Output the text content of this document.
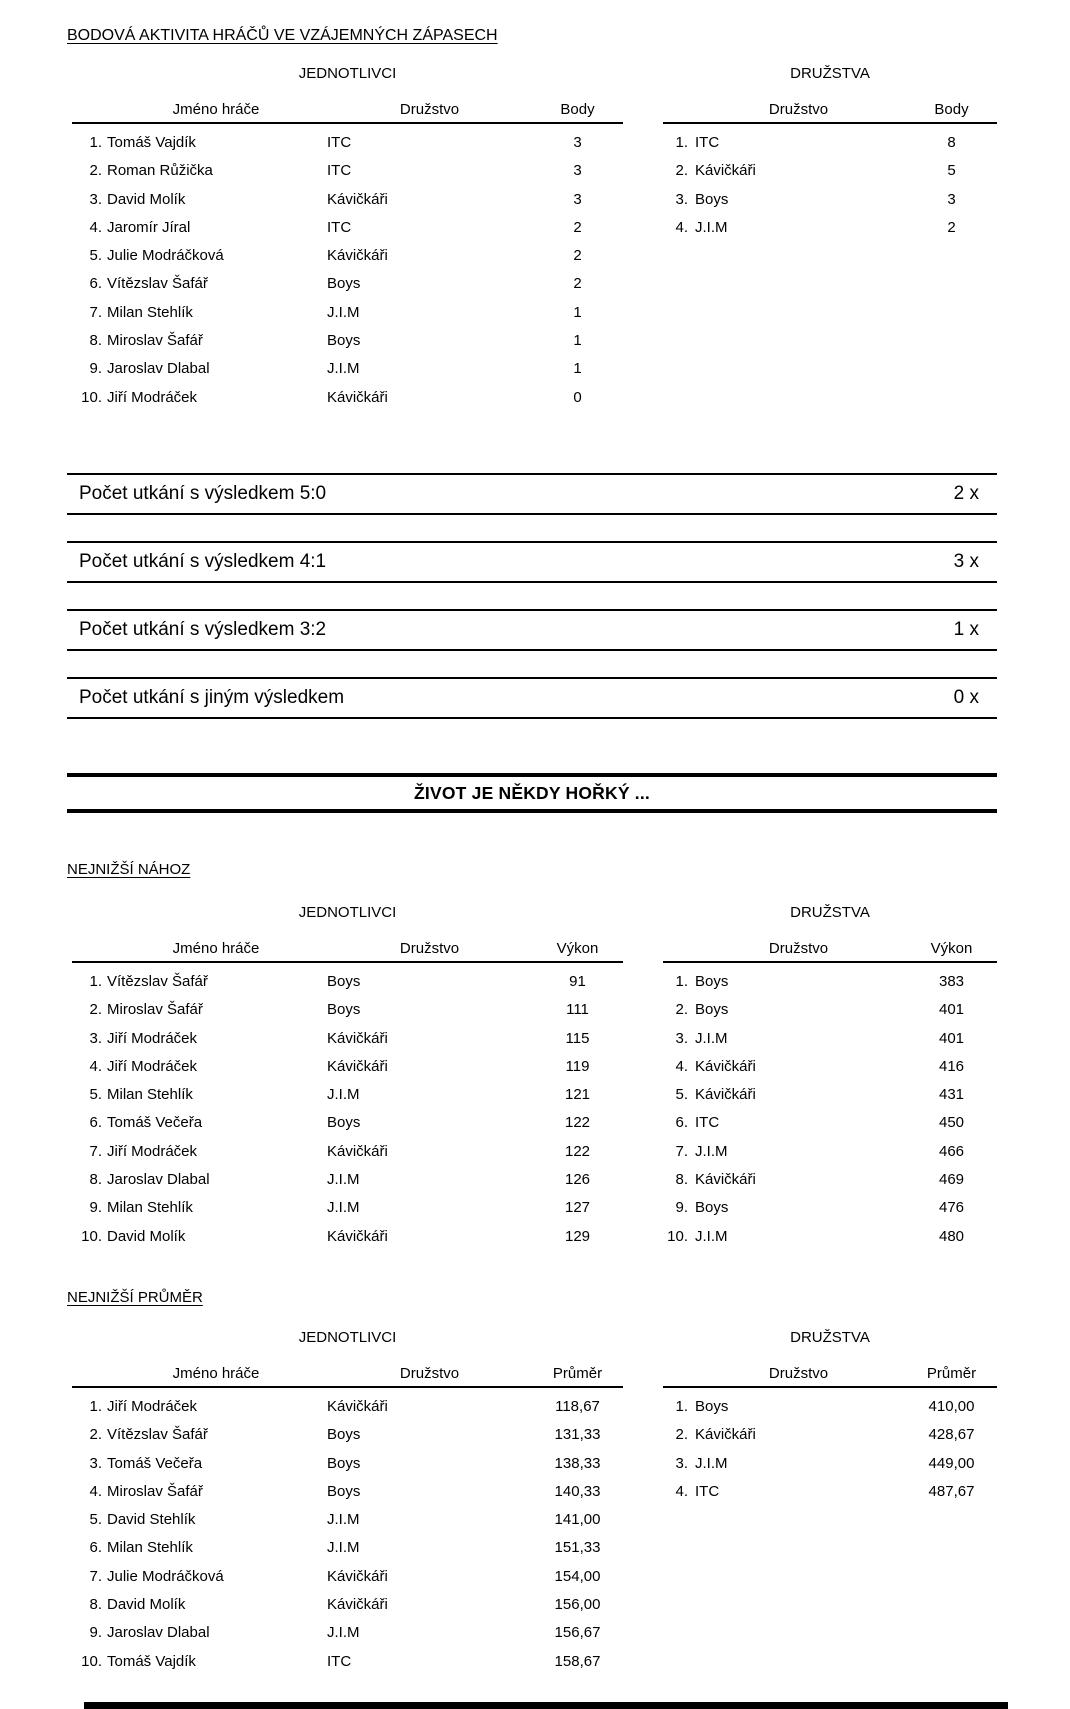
BODOVÁ AKTIVITA HRÁČŮ VE VZÁJEMNÝCH ZÁPASECH
JEDNOTLIVCI
Jméno hráče	Družstvo	Body
1. Tomáš Vajdík	ITC	3
2. Roman Růžička	ITC	3
3. David Molík	Kávičkáři	3
4. Jaromír Jíral	ITC	2
5. Julie Modráčková	Kávičkáři	2
6. Vítězslav Šafář	Boys	2
7. Milan Stehlík	J.I.M	1
8. Miroslav Šafář	Boys	1
9. Jaroslav Dlabal	J.I.M	1
10. Jiří Modráček	Kávičkáři	0
DRUŽSTVA
Družstvo	Body
1. ITC	8
2. Kávičkáři	5
3. Boys	3
4. J.I.M	2
Počet utkání s výsledkem 5:0	2 x
Počet utkání s výsledkem 4:1	3 x
Počet utkání s výsledkem 3:2	1 x
Počet utkání s jiným výsledkem	0 x
ŽIVOT JE NĚKDY HOŘKÝ ...
NEJNIŽŠÍ NÁHOZ
JEDNOTLIVCI
Jméno hráče	Družstvo	Výkon
1. Vítězslav Šafář	Boys	91
2. Miroslav Šafář	Boys	111
3. Jiří Modráček	Kávičkáři	115
4. Jiří Modráček	Kávičkáři	119
5. Milan Stehlík	J.I.M	121
6. Tomáš Večeřa	Boys	122
7. Jiří Modráček	Kávičkáři	122
8. Jaroslav Dlabal	J.I.M	126
9. Milan Stehlík	J.I.M	127
10. David Molík	Kávičkáři	129
DRUŽSTVA
Družstvo	Výkon
1. Boys	383
2. Boys	401
3. J.I.M	401
4. Kávičkáři	416
5. Kávičkáři	431
6. ITC	450
7. J.I.M	466
8. Kávičkáři	469
9. Boys	476
10. J.I.M	480
NEJNIŽŠÍ PRŮMĚR
JEDNOTLIVCI
Jméno hráče	Družstvo	Průměr
1. Jiří Modráček	Kávičkáři	118,67
2. Vítězslav Šafář	Boys	131,33
3. Tomáš Večeřa	Boys	138,33
4. Miroslav Šafář	Boys	140,33
5. David Stehlík	J.I.M	141,00
6. Milan Stehlík	J.I.M	151,33
7. Julie Modráčková	Kávičkáři	154,00
8. David Molík	Kávičkáři	156,00
9. Jaroslav Dlabal	J.I.M	156,67
10. Tomáš Vajdík	ITC	158,67
DRUŽSTVA
Družstvo	Průměr
1. Boys	410,00
2. Kávičkáři	428,67
3. J.I.M	449,00
4. ITC	487,67
